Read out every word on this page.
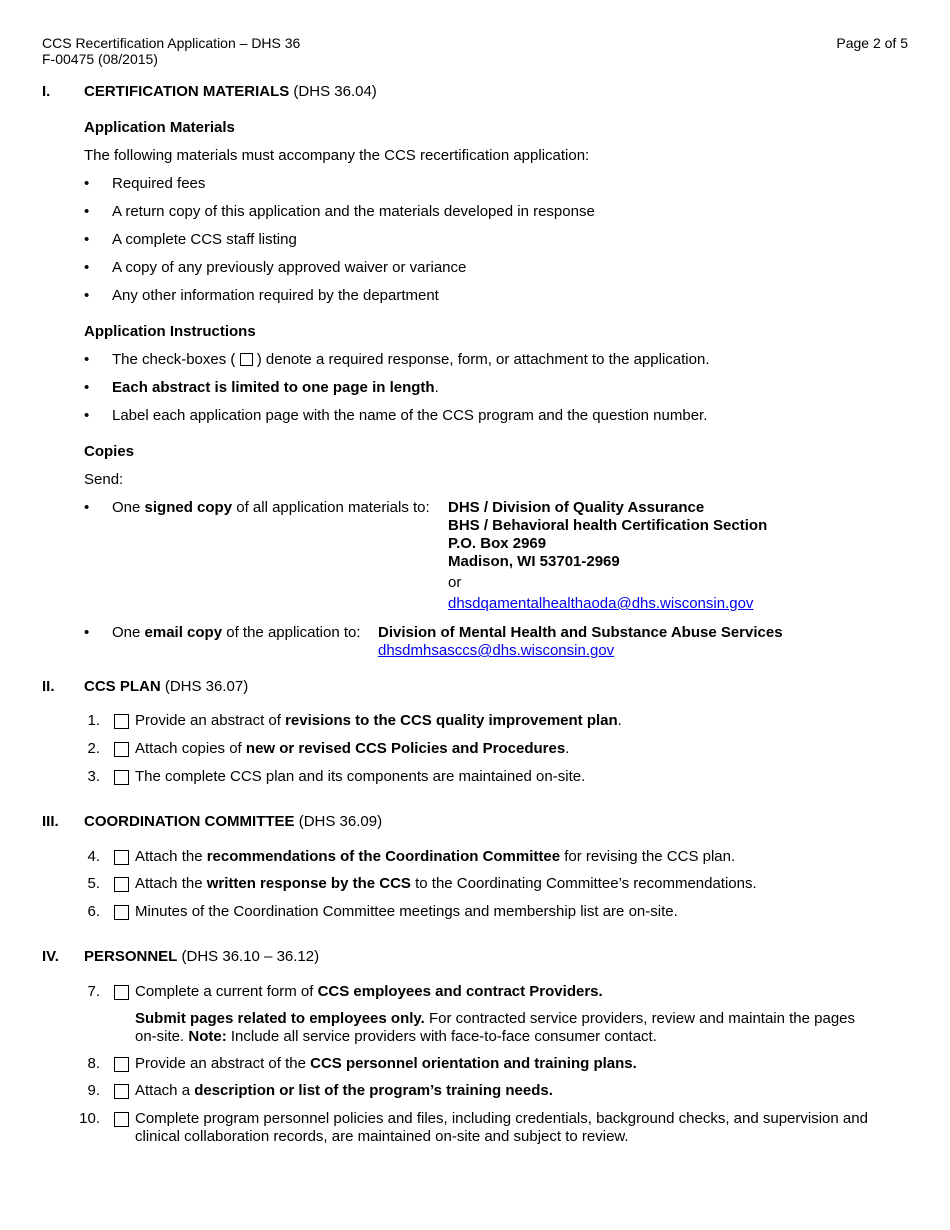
CCS Recertification Application – DHS 36
F-00475 (08/2015)
Page 2 of 5
I. CERTIFICATION MATERIALS (DHS 36.04)
Application Materials
The following materials must accompany the CCS recertification application:
• Required fees
• A return copy of this application and the materials developed in response
• A complete CCS staff listing
• A copy of any previously approved waiver or variance
• Any other information required by the department
Application Instructions
• The check-boxes (  ) denote a required response, form, or attachment to the application.
• Each abstract is limited to one page in length.
• Label each application page with the name of the CCS program and the question number.
Copies
Send:
• One signed copy of all application materials to: DHS / Division of Quality Assurance
BHS / Behavioral health Certification Section
P.O. Box 2969
Madison, WI 53701-2969
or
dhsdqamentalhealthaoda@dhs.wisconsin.gov
• One email copy of the application to: Division of Mental Health and Substance Abuse Services
dhsdmhsasccs@dhs.wisconsin.gov
II. CCS PLAN (DHS 36.07)
1. Provide an abstract of revisions to the CCS quality improvement plan.
2. Attach copies of new or revised CCS Policies and Procedures.
3. The complete CCS plan and its components are maintained on-site.
III. COORDINATION COMMITTEE (DHS 36.09)
4. Attach the recommendations of the Coordination Committee for revising the CCS plan.
5. Attach the written response by the CCS to the Coordinating Committee’s recommendations.
6. Minutes of the Coordination Committee meetings and membership list are on-site.
IV. PERSONNEL (DHS 36.10 – 36.12)
7. Complete a current form of CCS employees and contract Providers.
Submit pages related to employees only. For contracted service providers, review and maintain the pages
on-site. Note: Include all service providers with face-to-face consumer contact.
8. Provide an abstract of the CCS personnel orientation and training plans.
9. Attach a description or list of the program’s training needs.
10. Complete program personnel policies and files, including credentials, background checks, and supervision and
clinical collaboration records, are maintained on-site and subject to review.
